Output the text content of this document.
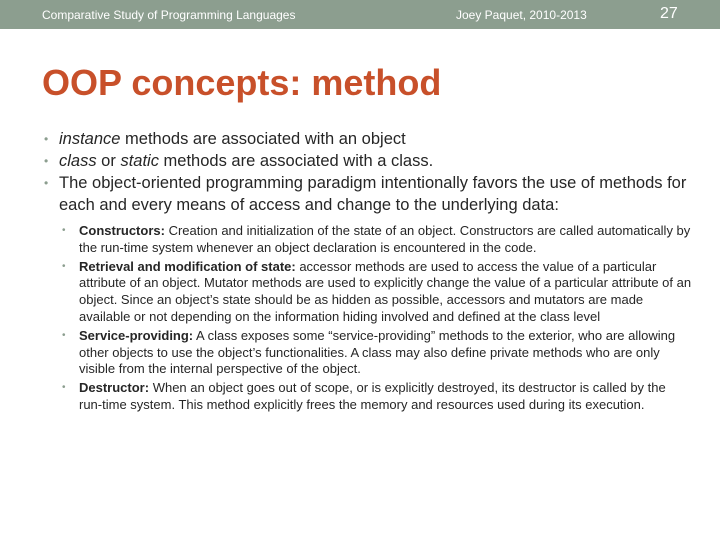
Comparative Study of Programming Languages	Joey Paquet, 2010-2013	27
OOP concepts: method

• instance methods are associated with an object

• class or static methods are associated with a class.

• The object-oriented programming paradigm intentionally favors the use of methods for each and every means of access and change to the underlying data:

• Constructors: Creation and initialization of the state of an object. Constructors are called automatically by the run-time system whenever an object declaration is encountered in the code.

• Retrieval and modification of state: accessor methods are used to access the value of a particular attribute of an object. Mutator methods are used to explicitly change the value of a particular attribute of an object. Since an object’s state should be as hidden as possible, accessors and mutators are made available or not depending on the information hiding involved and defined at the class level

• Service-providing: A class exposes some “service-providing” methods to the exterior, who are allowing other objects to use the object’s functionalities. A class may also define private methods who are only visible from the internal perspective of the object.

• Destructor: When an object goes out of scope, or is explicitly destroyed, its destructor is called by the run-time system. This method explicitly frees the memory and resources used during its execution.
